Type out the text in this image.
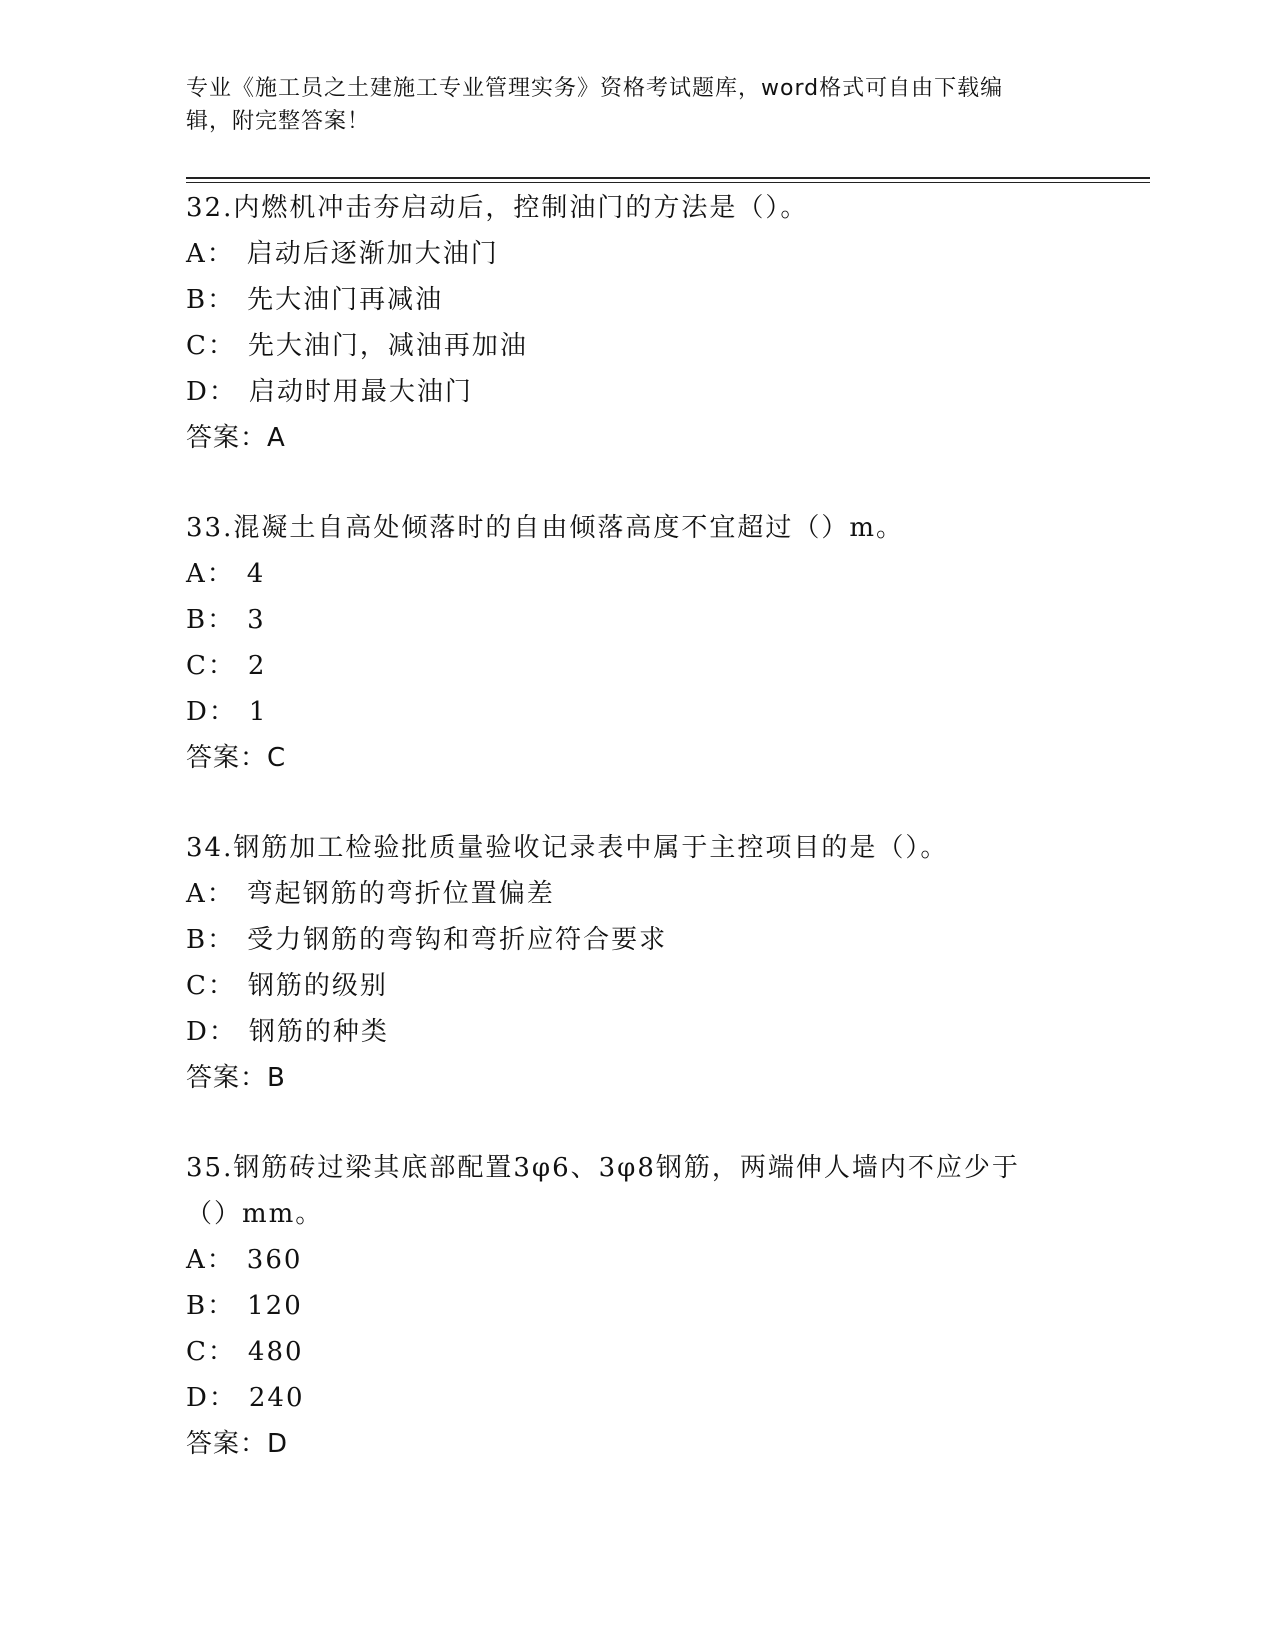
专业《施工员之土建施工专业管理实务》资格考试题库，word格式可自由下载编
辑，附完整答案！
32.内燃机冲击夯启动后，控制油门的方法是（）。
A： 启动后逐渐加大油门
B： 先大油门再减油
C： 先大油门，减油再加油
D： 启动时用最大油门
答案：A
33.混凝土自高处倾落时的自由倾落高度不宜超过（）m。
A： 4
B： 3
C： 2
D： 1
答案：C
34.钢筋加工检验批质量验收记录表中属于主控项目的是（）。
A： 弯起钢筋的弯折位置偏差
B： 受力钢筋的弯钩和弯折应符合要求
C： 钢筋的级别
D： 钢筋的种类
答案：B
35.钢筋砖过梁其底部配置3φ6、3φ8钢筋，两端伸人墙内不应少于
（）mm。
A： 360
B： 120
C： 480
D： 240
答案：D
